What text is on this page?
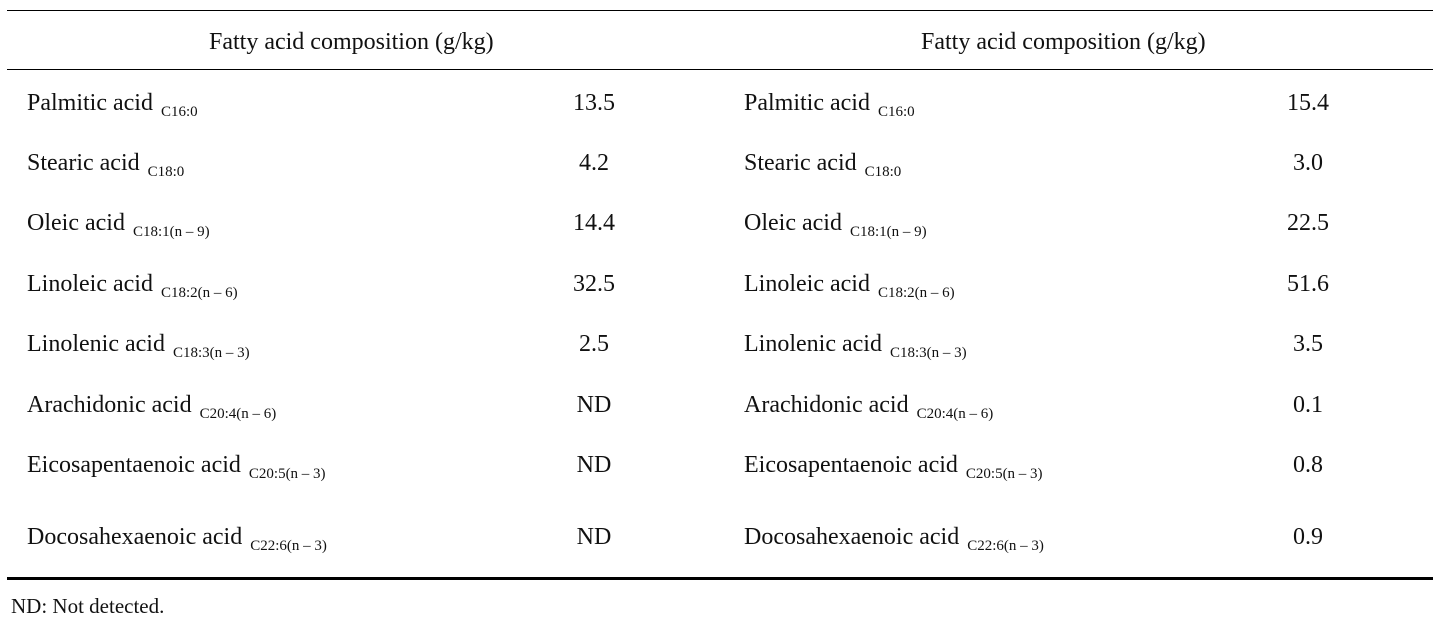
Fatty acid composition (g/kg)	Fatty acid composition (g/kg)
Palmitic acid $_{C16:0}$	13.5	Palmitic acid $_{C16:0}$	15.4
Stearic acid $_{C18:0}$	4.2	Stearic acid $_{C18:0}$	3.0
Oleic acid $_{C18:1(n - 9)}$	14.4	Oleic acid $_{C18:1(n - 9)}$	22.5
Linoleic acid $_{C18:2(n - 6)}$	32.5	Linoleic acid $_{C18:2(n - 6)}$	51.6
Linolenic acid $_{C18:3(n - 3)}$	2.5	Linolenic acid $_{C18:3(n - 3)}$	3.5
Arachidonic acid $_{C20:4(n - 6)}$	ND	Arachidonic acid $_{C20:4(n - 6)}$	0.1
Eicosapentaenoic acid $_{C20:5(n - 3)}$	ND	Eicosapentaenoic acid $_{C20:5(n - 3)}$	0.8
Docosahexaenoic acid $_{C22:6(n - 3)}$	ND	Docosahexaenoic acid $_{C22:6(n - 3)}$	0.9
ND: Not detected.
